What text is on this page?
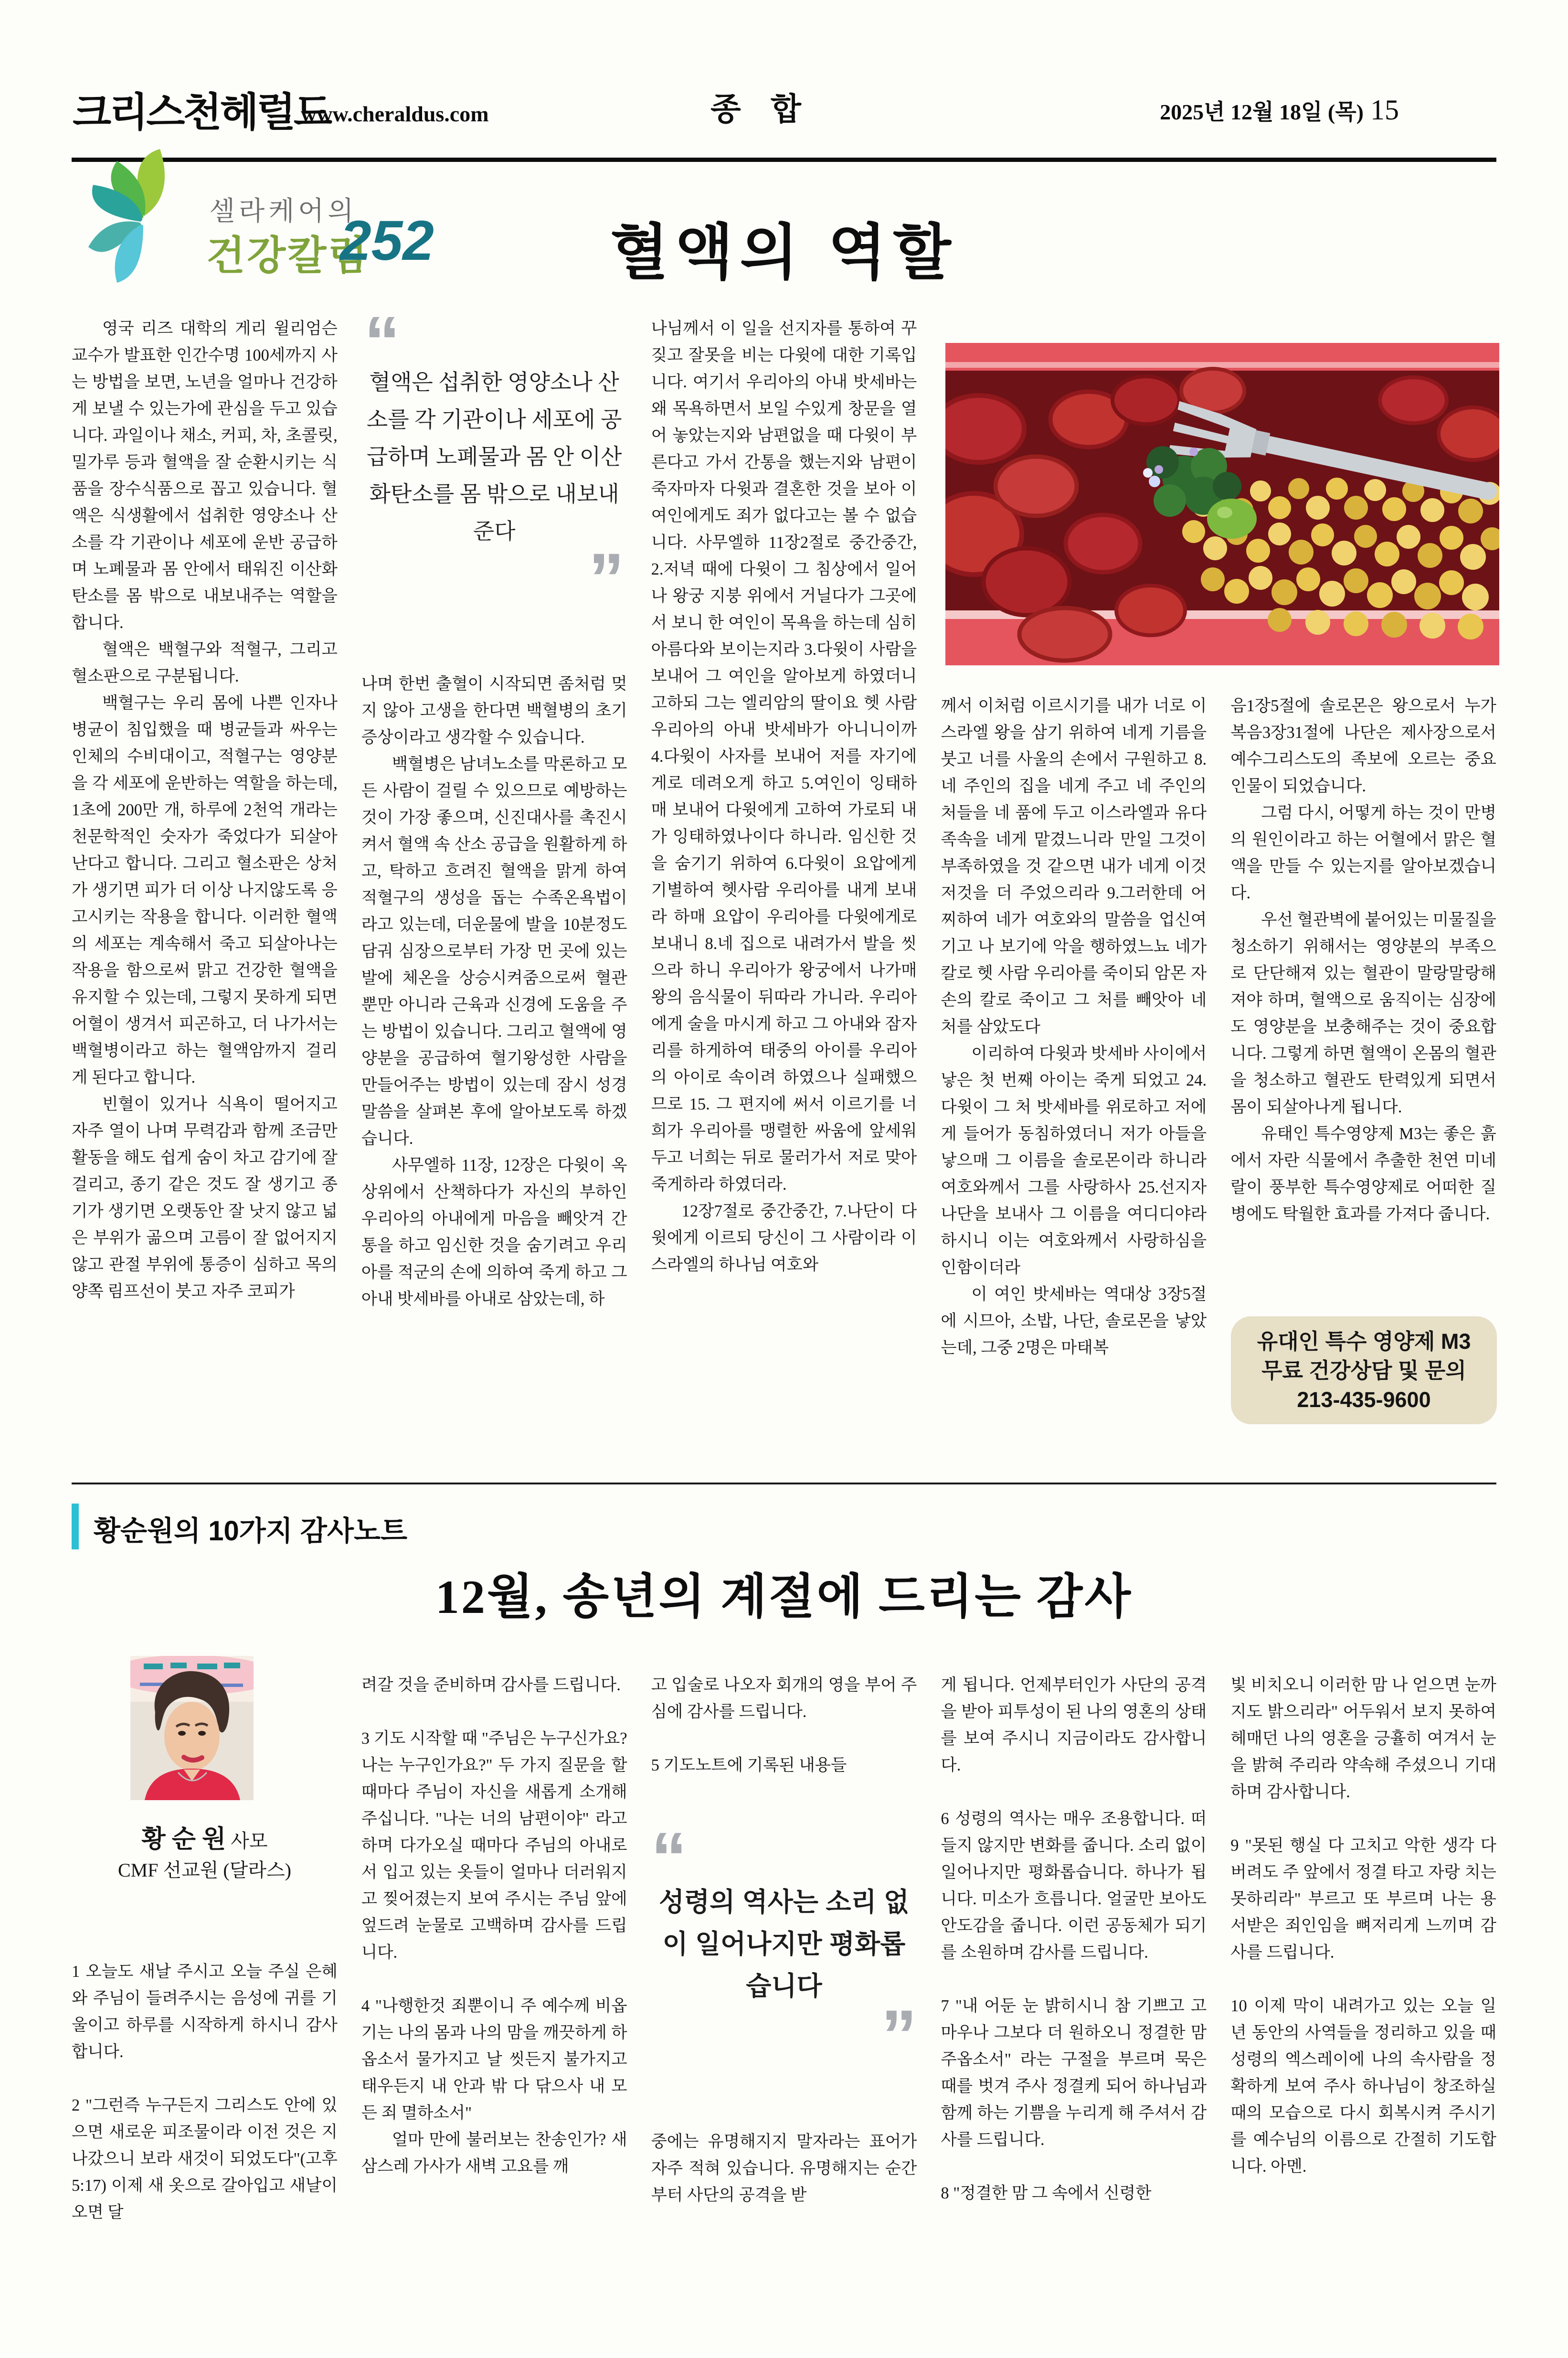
크리스천헤럴드
www.cheraldus.com	종 합	2025년 12월 18일 (목) 15
셀라케어의
건강칼럼
252	혈액의 역할

영국 리즈 대학의 게리 윌리엄슨 교수가 발표한 인간수명 100세까지 사는 방법을 보면, 노년을 얼마나 건강하게 보낼 수 있는가에 관심을 두고 있습니다. 과일이나 채소, 커피, 차, 초콜릿, 밀가루 등과 혈액을 잘 순환시키는 식품을 장수식품으로 꼽고 있습니다. 혈액은 식생활에서 섭취한 영양소나 산소를 각 기관이나 세포에 운반 공급하며 노폐물과 몸 안에서 태워진 이산화탄소를 몸 밖으로 내보내주는 역할을 합니다.

혈액은 백혈구와 적혈구, 그리고 혈소판으로 구분됩니다.

백혈구는 우리 몸에 나쁜 인자나 병균이 침입했을 때 병균들과 싸우는 인체의 수비대이고, 적혈구는 영양분을 각 세포에 운반하는 역할을 하는데, 1초에 200만 개, 하루에 2천억 개라는 천문학적인 숫자가 죽었다가 되살아 난다고 합니다. 그리고 혈소판은 상처가 생기면 피가 더 이상 나지않도록 응고시키는 작용을 합니다. 이러한 혈액의 세포는 계속해서 죽고 되살아나는 작용을 함으로써 맑고 건강한 혈액을 유지할 수 있는데, 그렇지 못하게 되면 어혈이 생겨서 피곤하고, 더 나가서는 백혈병이라고 하는 혈액암까지 걸리게 된다고 합니다.

빈혈이 있거나 식욕이 떨어지고 자주 열이 나며 무력감과 함께 조금만 활동을 해도 쉽게 숨이 차고 감기에 잘 걸리고, 종기 같은 것도 잘 생기고 종기가 생기면 오랫동안 잘 낫지 않고 넓은 부위가 곪으며 고름이 잘 없어지지 않고 관절 부위에 통증이 심하고 목의 양쪽 림프선이 붓고 자주 코피가

“
혈액은 섭취한 영양소나 산소를 각 기관이나 세포에 공급하며 노폐물과 몸 안 이산화탄소를 몸 밖으로 내보내 준다
”

나며 한번 출혈이 시작되면 좀처럼 멎지 않아 고생을 한다면 백혈병의 초기 증상이라고 생각할 수 있습니다.

백혈병은 남녀노소를 막론하고 모든 사람이 걸릴 수 있으므로 예방하는 것이 가장 좋으며, 신진대사를 촉진시켜서 혈액 속 산소 공급을 원활하게 하고, 탁하고 흐려진 혈액을 맑게 하여 적혈구의 생성을 돕는 수족온욕법이라고 있는데, 더운물에 발을 10분정도 담궈 심장으로부터 가장 먼 곳에 있는 발에 체온을 상승시켜줌으로써 혈관 뿐만 아니라 근육과 신경에 도움을 주는 방법이 있습니다. 그리고 혈액에 영양분을 공급하여 혈기왕성한 사람을 만들어주는 방법이 있는데 잠시 성경말씀을 살펴본 후에 알아보도록 하겠습니다.

사무엘하 11장, 12장은 다윗이 옥상위에서 산책하다가 자신의 부하인 우리아의 아내에게 마음을 빼앗겨 간통을 하고 임신한 것을 숨기려고 우리아를 적군의 손에 의하여 죽게 하고 그 아내 밧세바를 아내로 삼았는데, 하

나님께서 이 일을 선지자를 통하여 꾸짖고 잘못을 비는 다윗에 대한 기록입니다. 여기서 우리아의 아내 밧세바는 왜 목욕하면서 보일 수있게 창문을 열어 놓았는지와 남편없을 때 다윗이 부른다고 가서 간통을 했는지와 남편이 죽자마자 다윗과 결혼한 것을 보아 이 여인에게도 죄가 없다고는 볼 수 없습니다. 사무엘하 11장2절로 중간중간, 2.저녁 때에 다윗이 그 침상에서 일어나 왕궁 지붕 위에서 거닐다가 그곳에서 보니 한 여인이 목욕을 하는데 심히 아름다와 보이는지라 3.다윗이 사람을 보내어 그 여인을 알아보게 하였더니 고하되 그는 엘리암의 딸이요 헷 사람 우리아의 아내 밧세바가 아니니이까 4.다윗이 사자를 보내어 저를 자기에게로 데려오게 하고 5.여인이 잉태하매 보내어 다윗에게 고하여 가로되 내가 잉태하였나이다 하니라. 임신한 것을 숨기기 위하여 6.다윗이 요압에게 기별하여 헷사람 우리아를 내게 보내라 하매 요압이 우리아를 다윗에게로 보내니 8.네 집으로 내려가서 발을 씻으라 하니 우리아가 왕궁에서 나가매 왕의 음식물이 뒤따라 가니라. 우리아에게 술을 마시게 하고 그 아내와 잠자리를 하게하여 태중의 아이를 우리아의 아이로 속이려 하였으나 실패했으므로 15. 그 편지에 써서 이르기를 너희가 우리아를 맹렬한 싸움에 앞세워 두고 너희는 뒤로 물러가서 저로 맞아 죽게하라 하였더라.

12장7절로 중간중간, 7.나단이 다윗에게 이르되 당신이 그 사람이라 이스라엘의 하나님 여호와

께서 이처럼 이르시기를 내가 너로 이스라엘 왕을 삼기 위하여 네게 기름을 붓고 너를 사울의 손에서 구원하고 8.네 주인의 집을 네게 주고 네 주인의 처들을 네 품에 두고 이스라엘과 유다 족속을 네게 맡겼느니라 만일 그것이 부족하였을 것 같으면 내가 네게 이것 저것을 더 주었으리라 9.그러한데 어찌하여 네가 여호와의 말씀을 업신여기고 나 보기에 악을 행하였느뇨 네가 칼로 헷 사람 우리아를 죽이되 암몬 자손의 칼로 죽이고 그 처를 빼앗아 네 처를 삼았도다

이리하여 다윗과 밧세바 사이에서 낳은 첫 번째 아이는 죽게 되었고 24.다윗이 그 처 밧세바를 위로하고 저에게 들어가 동침하였더니 저가 아들을 낳으매 그 이름을 솔로몬이라 하니라 여호와께서 그를 사랑하사 25.선지자 나단을 보내사 그 이름을 여디디야라 하시니 이는 여호와께서 사랑하심을 인함이더라

이 여인 밧세바는 역대상 3장5절에 시므아, 소밥, 나단, 솔로몬을 낳았는데, 그중 2명은 마태복

음1장5절에 솔로몬은 왕으로서 누가복음3장31절에 나단은 제사장으로서 예수그리스도의 족보에 오르는 중요 인물이 되었습니다.

그럼 다시, 어떻게 하는 것이 만병의 원인이라고 하는 어혈에서 맑은 혈액을 만들 수 있는지를 알아보겠습니다.

우선 혈관벽에 붙어있는 미물질을 청소하기 위해서는 영양분의 부족으로 단단해져 있는 혈관이 말랑말랑해져야 하며, 혈액으로 움직이는 심장에도 영양분을 보충해주는 것이 중요합니다. 그렇게 하면 혈액이 온몸의 혈관을 청소하고 혈관도 탄력있게 되면서 몸이 되살아나게 됩니다.

유태인 특수영양제 M3는 좋은 흙에서 자란 식물에서 추출한 천연 미네랄이 풍부한 특수영양제로 어떠한 질병에도 탁월한 효과를 가져다 줍니다.

유대인 특수 영양제 M3
무료 건강상담 및 문의
213-435-9600
황순원의 10가지 감사노트
12월, 송년의 계절에 드리는 감사
황 순 원 사모
CMF 선교원 (달라스)

1 오늘도 새날 주시고 오늘 주실 은혜와 주님이 들려주시는 음성에 귀를 기울이고 하루를 시작하게 하시니 감사합니다.

2 "그런즉 누구든지 그리스도 안에 있으면 새로운 피조물이라 이전 것은 지나갔으니 보라 새것이 되었도다"(고후 5:17) 이제 새 옷으로 갈아입고 새날이 오면 달

려갈 것을 준비하며 감사를 드립니다.

3 기도 시작할 때 "주님은 누구신가요? 나는 누구인가요?" 두 가지 질문을 할 때마다 주님이 자신을 새롭게 소개해 주십니다. "나는 너의 남편이야" 라고 하며 다가오실 때마다 주님의 아내로서 입고 있는 옷들이 얼마나 더러워지고 찢어졌는지 보여 주시는 주님 앞에 엎드려 눈물로 고백하며 감사를 드립니다.

4 "나행한것 죄뿐이니 주 예수께 비옵기는 나의 몸과 나의 맘을 깨끗하게 하옵소서 물가지고 날 씻든지 불가지고 태우든지 내 안과 밖 다 닦으사 내 모든 죄 멸하소서"

얼마 만에 불러보는 찬송인가? 새삼스레 가사가 새벽 고요를 깨

고 입술로 나오자 회개의 영을 부어 주심에 감사를 드립니다.

5 기도노트에 기록된 내용들

“
성령의 역사는 소리 없이 일어나지만 평화롭습니다
”

중에는 유명해지지 말자라는 표어가 자주 적혀 있습니다. 유명해지는 순간부터 사단의 공격을 받

게 됩니다. 언제부터인가 사단의 공격을 받아 피투성이 된 나의 영혼의 상태를 보여 주시니 지금이라도 감사합니다.

6 성령의 역사는 매우 조용합니다. 떠들지 않지만 변화를 줍니다. 소리 없이 일어나지만 평화롭습니다. 하나가 됩니다. 미소가 흐릅니다. 얼굴만 보아도 안도감을 줍니다. 이런 공동체가 되기를 소원하며 감사를 드립니다.

7 "내 어둔 눈 밝히시니 참 기쁘고 고마우나 그보다 더 원하오니 정결한 맘 주옵소서" 라는 구절을 부르며 묵은 때를 벗겨 주사 정결케 되어 하나님과 함께 하는 기쁨을 누리게 해 주셔서 감사를 드립니다.

8 "정결한 맘 그 속에서 신령한

빛 비치오니 이러한 맘 나 얻으면 눈까지도 밝으리라" 어두워서 보지 못하여 헤매던 나의 영혼을 긍휼히 여겨서 눈을 밝혀 주리라 약속해 주셨으니 기대하며 감사합니다.

9 "못된 행실 다 고치고 악한 생각 다 버려도 주 앞에서 정결 타고 자랑 치는 못하리라" 부르고 또 부르며 나는 용서받은 죄인임을 뼈저리게 느끼며 감사를 드립니다.

10 이제 막이 내려가고 있는 오늘 일 년 동안의 사역들을 정리하고 있을 때 성령의 엑스레이에 나의 속사람을 정확하게 보여 주사 하나님이 창조하실 때의 모습으로 다시 회복시켜 주시기를 예수님의 이름으로 간절히 기도합니다. 아멘.
